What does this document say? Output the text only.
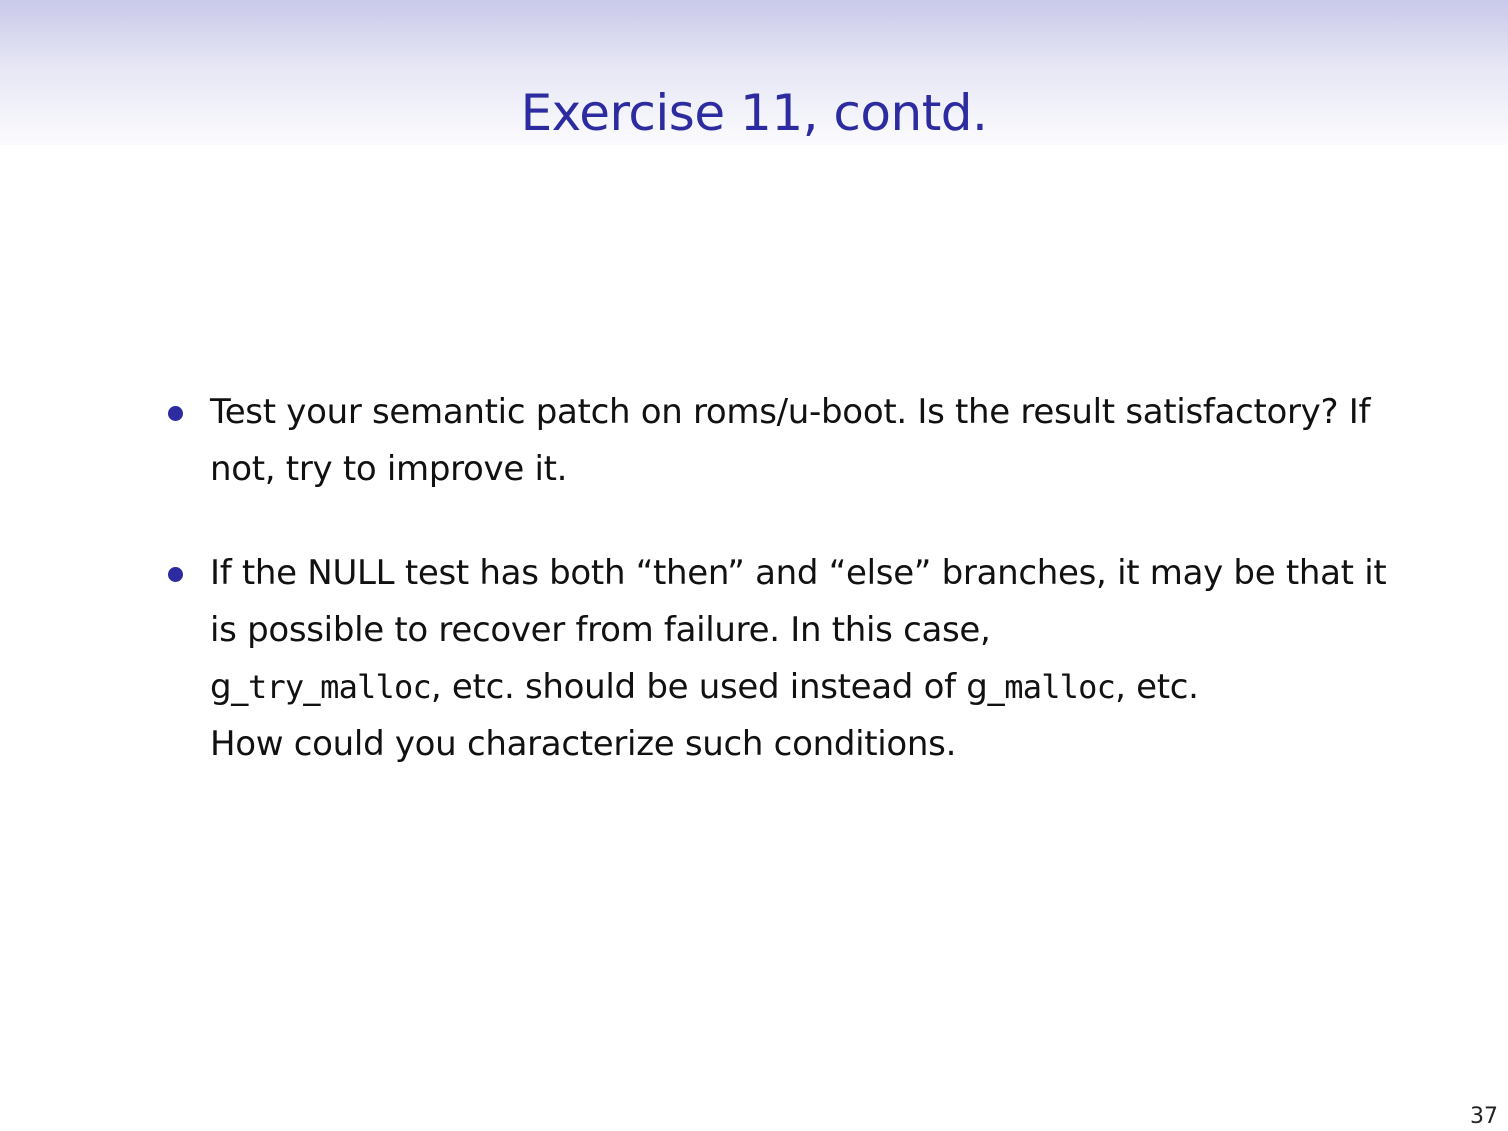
Exercise 11, contd.
Test your semantic patch on roms/u-boot. Is the result satisfactory? If not, try to improve it.
If the NULL test has both “then” and “else” branches, it may be that it is possible to recover from failure. In this case,
g_try_malloc, etc. should be used instead of g_malloc, etc.
How could you characterize such conditions.
37
